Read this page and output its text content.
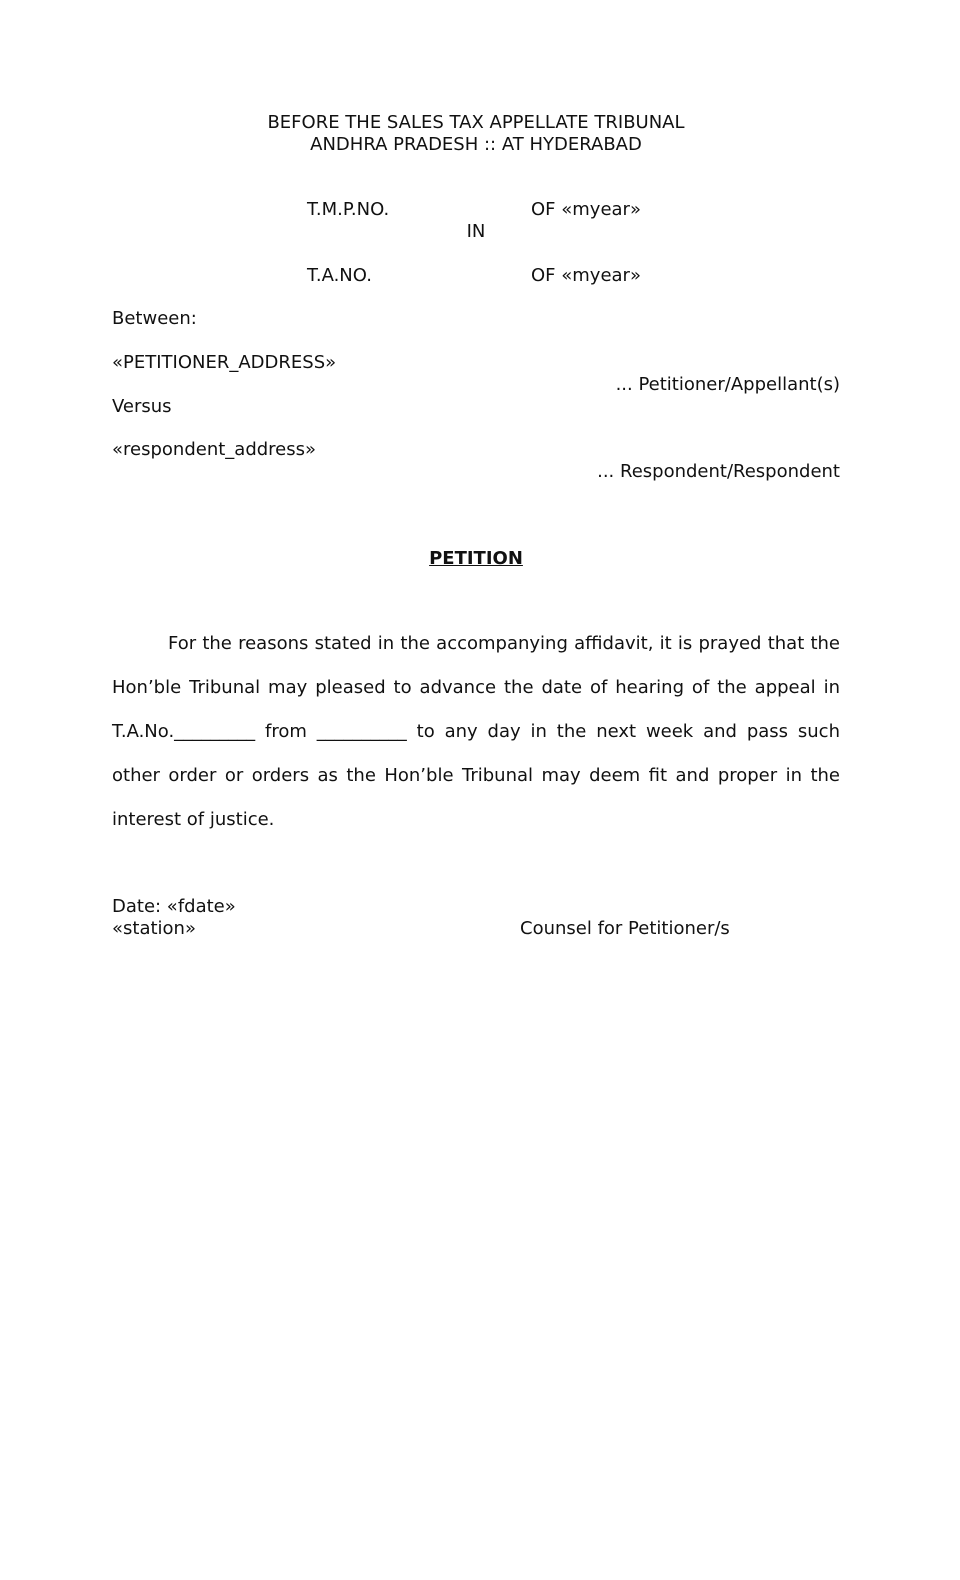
BEFORE THE SALES TAX APPELLATE TRIBUNAL
ANDHRA PRADESH :: AT HYDERABAD
T.M.P.NO.	OF «myear»
IN
T.A.NO.	OF «myear»
Between:
«PETITIONER_ADDRESS»
... Petitioner/Appellant(s)
Versus
«respondent_address»
... Respondent/Respondent
PETITION
For the reasons stated in the accompanying affidavit, it is prayed that the Hon’ble Tribunal may pleased to advance the date of hearing of the appeal in T.A.No._________ from __________ to any day in the next week and pass such other order or orders as the Hon’ble Tribunal may deem fit and proper in the interest of justice.
Date: «fdate»
«station»	Counsel for Petitioner/s
